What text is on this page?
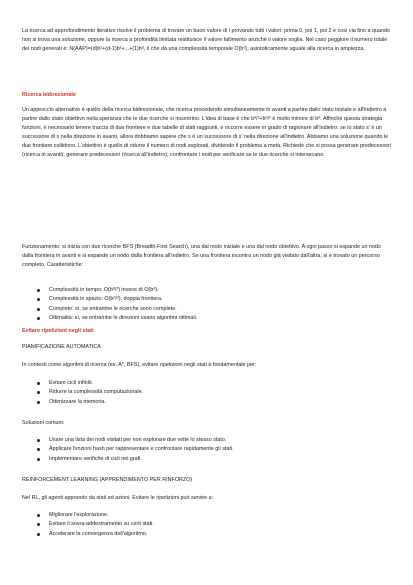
La ricerca ad approfondimento iterativo risolve il problema di trovare un buon valore di l provando tutti i valori: prima 0, poi 1, poi 2 e così via fino a quando non si trova una soluzione, oppure la ricerca a profondità limitata restituisce il valore fallimento anziché il valore soglia. Nel caso peggiore il numero totale dei nodi generati è: N(AAP)=(d)b¹+(d-1)b²+...+(1)bᵈ, il che dà una complessità temporale O(bᵈ), asintoticamente uguale alla ricerca in ampiezza.

Ricerca bidirezionale

Un approccio alternativo è quello della ricerca bidirezionale, che ricerca procedendo simultaneamente in avanti a partire dallo stato iniziale e all'indietro a partire dallo stato obiettivo nella speranza che le due ricerche si incontrino. L'idea di base è che bᵈ/²+bᵈ/² è molto minore di bᵈ. Affinché questa strategia funzioni, è necessario tenere traccia di due frontiere e due tabelle di stati raggiunti, e occorre essere in grado di ragionare all'indietro: se lo stato s' è un successore di s nella direzione in avanti, allora dobbiamo sapere che s è un successore di s' nella direzione all'indietro. Abbiamo una soluzione quando le due frontiere collidono. L'obiettivo è quello di ridurre il numero di nodi esplorati, dividendo il problema a metà. Richiede che si possa generare predecessori (ricerca in avanti), generare predecessori (ricerca all'indietro), confrontare i nodi per verificare se le due ricerche si intersecano.

Funzionamento: si inizia con due ricerche BFS (Breadth-First Search), una dal nodo iniziale e una dal nodo obiettivo. A ogni passo si espande un nodo dalla frontiera in avanti e si espande un nodo dalla frontiera all'indietro. Se una frontiera incontra un nodo già visitato dall'altra, si è trovato un percorso completo. Caratteristiche:

Complessità in tempo: O(bᵈ/²) invece di O(bᵈ).
Complessità in spazio: O(bᵈ/²), doppia frontiera.
Completo: sì, se entrambe le ricerche sono complete.
Ottimalità: sì, se entrambe le direzioni usano algoritmi ottimali.
Evitare ripetizioni negli stati

PIANIFICAZIONE AUTOMATICA

In contesti come algoritmi di ricerca (es. A*, BFS), evitare ripetizioni negli stati è fondamentale per:

Evitare cicli infiniti.
Ridurre la complessità computazionale.
Ottimizzare la memoria.

Soluzioni comuni:

Usare una lista dei nodi visitati per non esplorare due volte lo stesso stato.
Applicare funzioni hash per rappresentare e confrontare rapidamente gli stati.
Implementare verifiche di cicli nei grafi.

REINFORCEMENT LEARNING (APPRENDIMENTO PER RINFORZO)

Nel RL, gli agenti apprendo da stati ed azioni. Evitare le ripetizioni può servire a:

Migliorare l'esplorazione.
Evitare il sovra-addestramento su certi stati.
Accelerare la convergenza dell'algoritmo.
